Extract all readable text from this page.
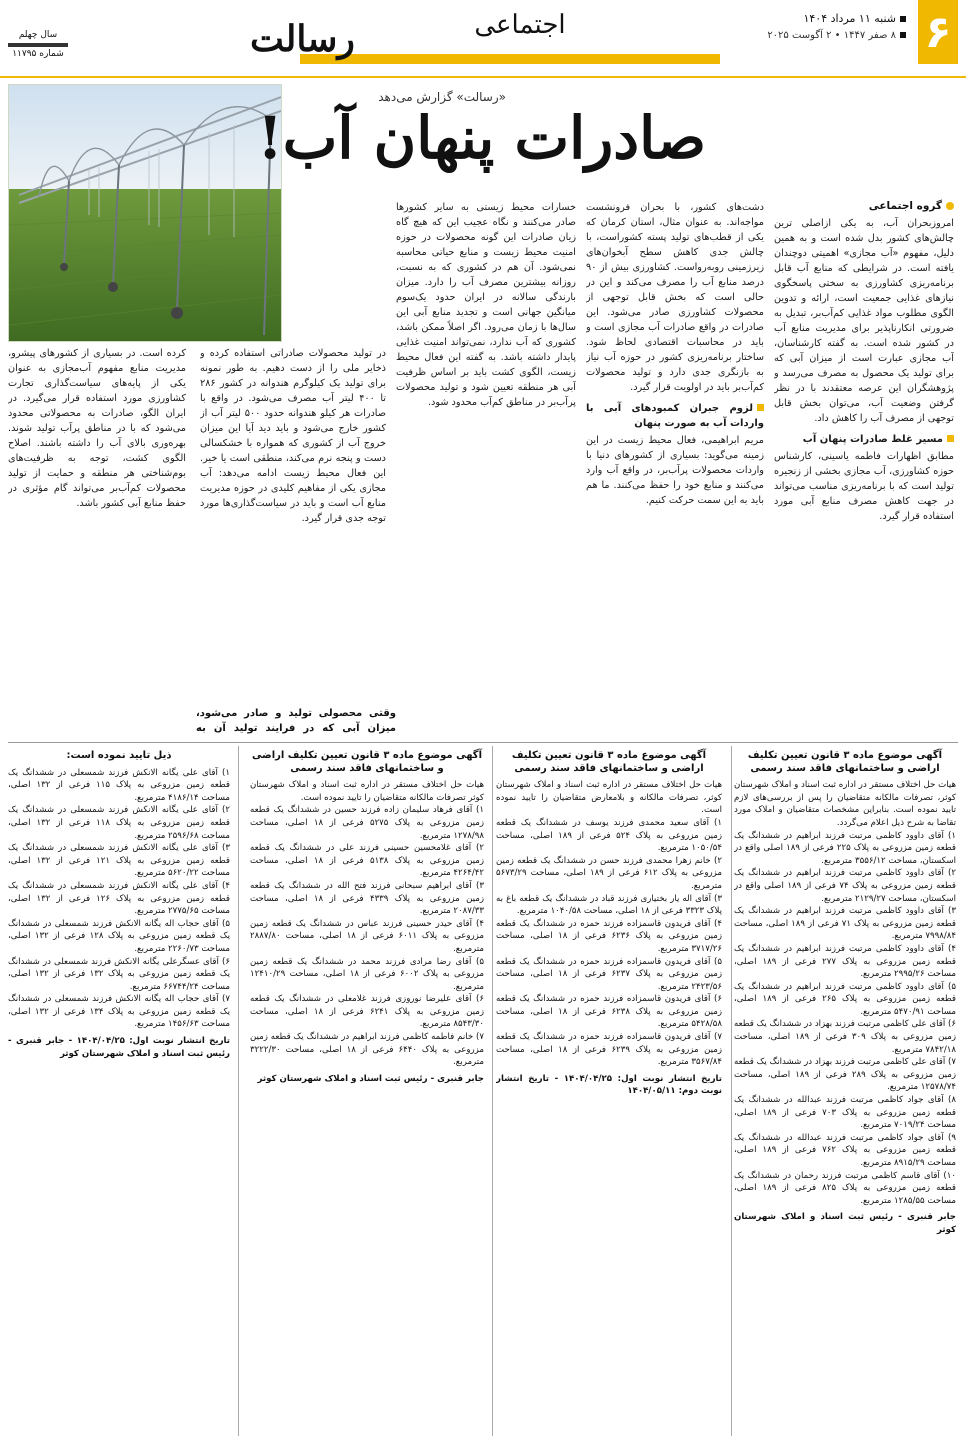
۶
شنبه ۱۱ مرداد ۱۴۰۴
۸ صفر ۱۴۴۷ • ۲ آگوست ۲۰۲۵
اجتماعی
رسالت
سال چهلم
شماره ۱۱۷۹۵
«رسالت» گزارش می‌دهد
صادرات پنهان آب!
گروه اجتماعی

امروزبحران آب، به یکی ازاصلی ترین چالش‌های کشور بدل شده است و به همین دلیل، مفهوم «آب مجازی» اهمیتی دوچندان یافته است. در شرایطی که منابع آب قابل برنامه‌ریزی کشاورزی به سختی پاسخگوی نیازهای غذایی جمعیت است، ارائه و تدوین الگوی مطلوب مواد غذایی کم‌آب‌بر، تبدیل به ضرورتی انکارناپذیر برای مدیریت منابع آب در کشور شده است. به گفته کارشناسان، آب مجازی عبارت است از میزان آبی که برای تولید یک محصول به مصرف می‌رسد و پژوهشگران این عرصه معتقدند با در نظر گرفتن وضعیت آب، می‌توان بخش قابل توجهی از مصرف آب را کاهش داد.

مسیر غلط صادرات پنهان آب

مطابق اظهارات فاطمه یاسینی، کارشناس حوزه کشاورزی، آب مجازی بخشی از زنجیره تولید است که با برنامه‌ریزی مناسب می‌تواند در جهت کاهش مصرف منابع آبی مورد استفاده قرار گیرد.

دشت‌های کشور، با بحران فرونشست مواجه‌اند. به عنوان مثال، استان کرمان که یکی از قطب‌های تولید پسته کشوراست، با چالش جدی کاهش سطح آبخوان‌های زیرزمینی روبه‌رواست. کشاورزی بیش از ۹۰ درصد منابع آب را مصرف می‌کند و این در حالی است که بخش قابل توجهی از محصولات کشاورزی صادر می‌شود. این صادرات در واقع صادرات آب مجازی است و باید در محاسبات اقتصادی لحاظ شود. ساختار برنامه‌ریزی کشور در حوزه آب نیاز به بازنگری جدی دارد و تولید محصولات کم‌آب‌بر باید در اولویت قرار گیرد.

لزوم جبران کمبودهای آبی با واردات آب به صورت پنهان

مریم ابراهیمی، فعال محیط زیست در این زمینه می‌گوید: بسیاری از کشورهای دنیا با واردات محصولات پرآب‌بر، در واقع آب وارد می‌کنند و منابع خود را حفظ می‌کنند. ما هم باید به این سمت حرکت کنیم.

خسارات محیط زیستی به سایر کشورها صادر می‌کنند و نگاه عجیب این که هیچ گاه زیان صادرات این گونه محصولات در حوزه امنیت محیط زیست و منابع حیاتی محاسبه نمی‌شود. آن هم در کشوری که به نسبت، روزانه بیشترین مصرف آب را دارد. میزان بارندگی سالانه در ایران حدود یک‌سوم میانگین جهانی است و تجدید منابع آبی این سال‌ها با زمان می‌رود. اگر اصلاً ممکن باشد، کشوری که آب ندارد، نمی‌تواند امنیت غذایی پایدار داشته باشد. به گفته این فعال محیط زیست، الگوی کشت باید بر اساس ظرفیت آبی هر منطقه تعیین شود و تولید محصولات پرآب‌بر در مناطق کم‌آب محدود شود.

در تولید محصولات صادراتی استفاده کرده و ذخایر ملی را از دست دهیم. به طور نمونه برای تولید یک کیلوگرم هندوانه در کشور ۲۸۶ تا ۴۰۰ لیتر آب مصرف می‌شود. در واقع با صادرات هر کیلو هندوانه حدود ۵۰۰ لیتر آب از کشور خارج می‌شود و باید دید آیا این میزان خروج آب از کشوری که همواره با خشکسالی دست و پنجه نرم می‌کند، منطقی است یا خیر. این فعال محیط زیست ادامه می‌دهد: آب مجازی یکی از مفاهیم کلیدی در حوزه مدیریت منابع آب است و باید در سیاست‌گذاری‌ها مورد توجه جدی قرار گیرد.

کرده است. در بسیاری از کشورهای پیشرو، مدیریت منابع مفهوم آب‌مجازی به عنوان یکی از پایه‌های سیاست‌گذاری تجارت کشاورزی مورد استفاده قرار می‌گیرد. در ایران الگو، صادرات به محصولاتی محدود می‌شود که با در مناطق پرآب تولید شوند. بهره‌وری بالای آب را داشته باشند. اصلاح الگوی کشت، توجه به ظرفیت‌های بوم‌شناختی هر منطقه و حمایت از تولید محصولات کم‌آب‌بر می‌تواند گام مؤثری در حفظ منابع آبی کشور باشد.

وقتی محصولی تولید و صادر می‌شود، میزان آبی که در فرایند تولید آن به
آگهی موضوع ماده ۳ قانون تعیین تکلیف اراضی و ساختمانهای فاقد سند رسمی

هیات حل اختلاف مستقر در اداره ثبت اسناد و املاک شهرستان کوثر، تصرفات مالکانه متقاضیان را پس از بررسی‌های لازم تایید نموده است. بنابراین مشخصات متقاضیان و املاک مورد تقاضا به شرح ذیل اعلام می‌گردد.

۱) آقای داوود کاظمی مرتبت فرزند ابراهیم در ششدانگ یک قطعه زمین مزروعی به پلاک ۲۲۵ فرعی از ۱۸۹ اصلی واقع در اسکستان، مساحت ۳۵۵۶/۱۲ مترمربع.

۲) آقای داوود کاظمی مرتبت فرزند ابراهیم در ششدانگ یک قطعه زمین مزروعی به پلاک ۷۴ فرعی از ۱۸۹ اصلی واقع در اسکستان، مساحت ۲۱۲۹/۲۷ مترمربع.

۳) آقای داوود کاظمی مرتبت فرزند ابراهیم در ششدانگ یک قطعه زمین مزروعی به پلاک ۷۱ فرعی از ۱۸۹ اصلی، مساحت ۷۹۹۸/۸۴ مترمربع.

۴) آقای داوود کاظمی مرتبت فرزند ابراهیم در ششدانگ یک قطعه زمین مزروعی به پلاک ۲۷۷ فرعی از ۱۸۹ اصلی، مساحت ۲۹۹۵/۲۶ مترمربع.

۵) آقای داوود کاظمی مرتبت فرزند ابراهیم در ششدانگ یک قطعه زمین مزروعی به پلاک ۲۶۵ فرعی از ۱۸۹ اصلی، مساحت ۵۴۷۰/۹۱ مترمربع.

۶) آقای علی کاظمی مرتبت فرزند بهزاد در ششدانگ یک قطعه زمین مزروعی به پلاک ۳۰۹ فرعی از ۱۸۹ اصلی، مساحت ۷۸۴۲/۱۸ مترمربع.

۷) آقای علی کاظمی مرتبت فرزند بهزاد در ششدانگ یک قطعه زمین مزروعی به پلاک ۲۸۹ فرعی از ۱۸۹ اصلی، مساحت ۱۲۵۷۸/۷۴ مترمربع.

۸) آقای جواد کاظمی مرتبت فرزند عبدالله در ششدانگ یک قطعه زمین مزروعی به پلاک ۷۰۳ فرعی از ۱۸۹ اصلی، مساحت ۷۰۱۹/۲۴ مترمربع.

۹) آقای جواد کاظمی مرتبت فرزند عبدالله در ششدانگ یک قطعه زمین مزروعی به پلاک ۷۶۲ فرعی از ۱۸۹ اصلی، مساحت ۸۹۱۵/۲۹ مترمربع.

۱۰) آقای قاسم کاظمی مرتبت فرزند رحمان در ششدانگ یک قطعه زمین مزروعی به پلاک ۸۲۵ فرعی از ۱۸۹ اصلی، مساحت ۱۲۸۵/۵۵ مترمربع.

جابر قنبری - رئیس ثبت اسناد و املاک شهرستان کوثر
آگهی موضوع ماده ۳ قانون تعیین تکلیف اراضی و ساختمانهای فاقد سند رسمی

هیات حل اختلاف مستقر در اداره ثبت اسناد و املاک شهرستان کوثر، تصرفات مالکانه و بلامعارض متقاضیان را تایید نموده است.

۱) آقای سعید محمدی فرزند یوسف در ششدانگ یک قطعه زمین مزروعی به پلاک ۵۲۴ فرعی از ۱۸۹ اصلی، مساحت ۱۰۵۰/۵۴ مترمربع.

۲) خانم زهرا محمدی فرزند حسن در ششدانگ یک قطعه زمین مزروعی به پلاک ۶۱۲ فرعی از ۱۸۹ اصلی، مساحت ۵۶۷۳/۲۹ مترمربع.

۳) آقای اله یار بختیاری فرزند قباد در ششدانگ یک قطعه باغ به پلاک ۳۳۲۳ فرعی از ۱۸ اصلی، مساحت ۱۰۴۰/۵۸ مترمربع.

۴) آقای فریدون قاسمزاده فرزند حمزه در ششدانگ یک قطعه زمین مزروعی به پلاک ۶۲۳۶ فرعی از ۱۸ اصلی، مساحت ۳۷۱۷/۲۶ مترمربع.

۵) آقای فریدون قاسمزاده فرزند حمزه در ششدانگ یک قطعه زمین مزروعی به پلاک ۶۲۳۷ فرعی از ۱۸ اصلی، مساحت ۲۴۲۳/۵۶ مترمربع.

۶) آقای فریدون قاسمزاده فرزند حمزه در ششدانگ یک قطعه زمین مزروعی به پلاک ۶۲۳۸ فرعی از ۱۸ اصلی، مساحت ۵۴۲۸/۵۸ مترمربع.

۷) آقای فریدون قاسمزاده فرزند حمزه در ششدانگ یک قطعه زمین مزروعی به پلاک ۶۲۳۹ فرعی از ۱۸ اصلی، مساحت ۳۵۶۷/۸۴ مترمربع.

تاریخ انتشار نوبت اول: ۱۴۰۴/۰۴/۲۵ - تاریخ انتشار نوبت دوم: ۱۴۰۴/۰۵/۱۱
آگهی موضوع ماده ۳ قانون تعیین تکلیف اراضی و ساختمانهای فاقد سند رسمی

هیات حل اختلاف مستقر در اداره ثبت اسناد و املاک شهرستان کوثر تصرفات مالکانه متقاضیان را تایید نموده است.

۱) آقای فرهاد سلیمان زاده فرزند حسین در ششدانگ یک قطعه زمین مزروعی به پلاک ۵۲۷۵ فرعی از ۱۸ اصلی، مساحت ۱۲۷۸/۹۸ مترمربع.

۲) آقای غلامحسین حسینی فرزند علی در ششدانگ یک قطعه زمین مزروعی به پلاک ۵۱۳۸ فرعی از ۱۸ اصلی، مساحت ۴۲۶۴/۴۲ مترمربع.

۳) آقای ابراهیم سبحانی فرزند فتح الله در ششدانگ یک قطعه زمین مزروعی به پلاک ۴۳۳۹ فرعی از ۱۸ اصلی، مساحت ۲۰۸۷/۳۳ مترمربع.

۴) آقای حیدر حسینی فرزند عباس در ششدانگ یک قطعه زمین مزروعی به پلاک ۶۰۱۱ فرعی از ۱۸ اصلی، مساحت ۲۸۸۷/۸۰ مترمربع.

۵) آقای رضا مرادی فرزند محمد در ششدانگ یک قطعه زمین مزروعی به پلاک ۶۰۰۲ فرعی از ۱۸ اصلی، مساحت ۱۲۴۱۰/۲۹ مترمربع.

۶) آقای علیرضا نوروزی فرزند غلامعلی در ششدانگ یک قطعه زمین مزروعی به پلاک ۶۲۴۱ فرعی از ۱۸ اصلی، مساحت ۸۵۴۳/۳۰ مترمربع.

۷) خانم فاطمه کاظمی فرزند ابراهیم در ششدانگ یک قطعه زمین مزروعی به پلاک ۶۴۴۰ فرعی از ۱۸ اصلی، مساحت ۳۲۲۲/۳۰ مترمربع.

جابر قنبری - رئیس ثبت اسناد و املاک شهرستان کوثر
ذیل تایید نموده است:

۱) آقای علی یگانه الانکش فرزند شمسعلی در ششدانگ یک قطعه زمین مزروعی به پلاک ۱۱۵ فرعی از ۱۳۲ اصلی، مساحت ۴۱۸۶/۱۴ مترمربع.

۲) آقای علی یگانه الانکش فرزند شمسعلی در ششدانگ یک قطعه زمین مزروعی به پلاک ۱۱۸ فرعی از ۱۳۲ اصلی، مساحت ۲۵۹۶/۶۸ مترمربع.

۳) آقای علی یگانه الانکش فرزند شمسعلی در ششدانگ یک قطعه زمین مزروعی به پلاک ۱۲۱ فرعی از ۱۳۲ اصلی، مساحت ۵۶۲۰/۲۲ مترمربع.

۴) آقای علی یگانه الانکش فرزند شمسعلی در ششدانگ یک قطعه زمین مزروعی به پلاک ۱۲۶ فرعی از ۱۳۲ اصلی، مساحت ۲۷۷۵/۶۵ مترمربع.

۵) آقای حجاب اله یگانه الانکش فرزند شمسعلی در ششدانگ یک قطعه زمین مزروعی به پلاک ۱۲۸ فرعی از ۱۳۲ اصلی، مساحت ۲۲۶۰/۷۳ مترمربع.

۶) آقای عسگرعلی یگانه الانکش فرزند شمسعلی در ششدانگ یک قطعه زمین مزروعی به پلاک ۱۳۲ فرعی از ۱۳۲ اصلی، مساحت ۶۶۷۴۴/۲۴ مترمربع.

۷) آقای حجاب اله یگانه الانکش فرزند شمسعلی در ششدانگ یک قطعه زمین مزروعی به پلاک ۱۳۴ فرعی از ۱۳۲ اصلی، مساحت ۱۴۵۶/۶۳ مترمربع.

تاریخ انتشار نوبت اول: ۱۴۰۴/۰۴/۲۵ - جابر قنبری - رئیس ثبت اسناد و املاک شهرستان کوثر
